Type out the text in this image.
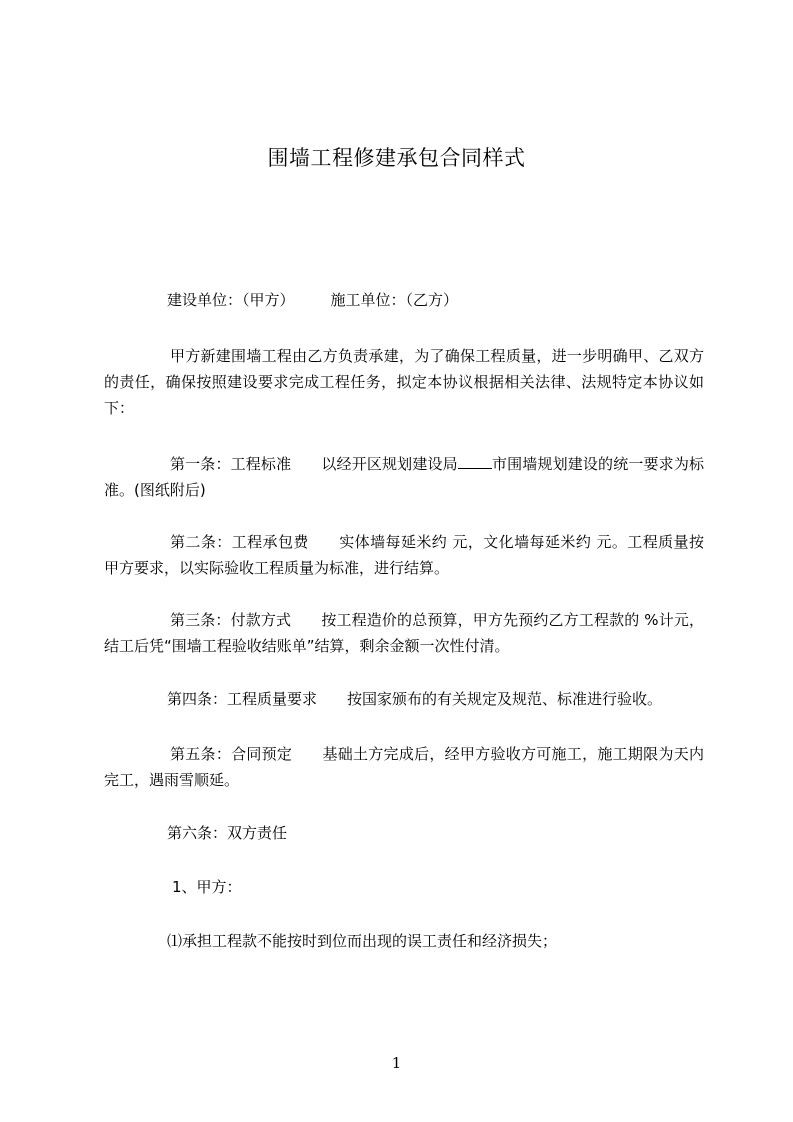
围墙工程修建承包合同样式
建设单位：（甲方） 施工单位：（乙方）
甲方新建围墙工程由乙方负责承建，为了确保工程质量，进一步明确甲、乙双方的责任，确保按照建设要求完成工程任务，拟定本协议根据相关法律、法规特定本协议如下：
第一条：工程标准 以经开区规划建设局 市围墙规划建设的统一要求为标准。(图纸附后)
第二条：工程承包费 实体墙每延米约 元，文化墙每延米约 元。工程质量按甲方要求，以实际验收工程质量为标准，进行结算。
第三条：付款方式 按工程造价的总预算，甲方先预约乙方工程款的 %计元，结工后凭“围墙工程验收结账单”结算，剩余金额一次性付清。
第四条：工程质量要求 按国家颁布的有关规定及规范、标准进行验收。
第五条：合同预定 基础土方完成后，经甲方验收方可施工，施工期限为天内完工，遇雨雪顺延。
第六条：双方责任
1、甲方：
⑴承担工程款不能按时到位而出现的误工责任和经济损失；
1
